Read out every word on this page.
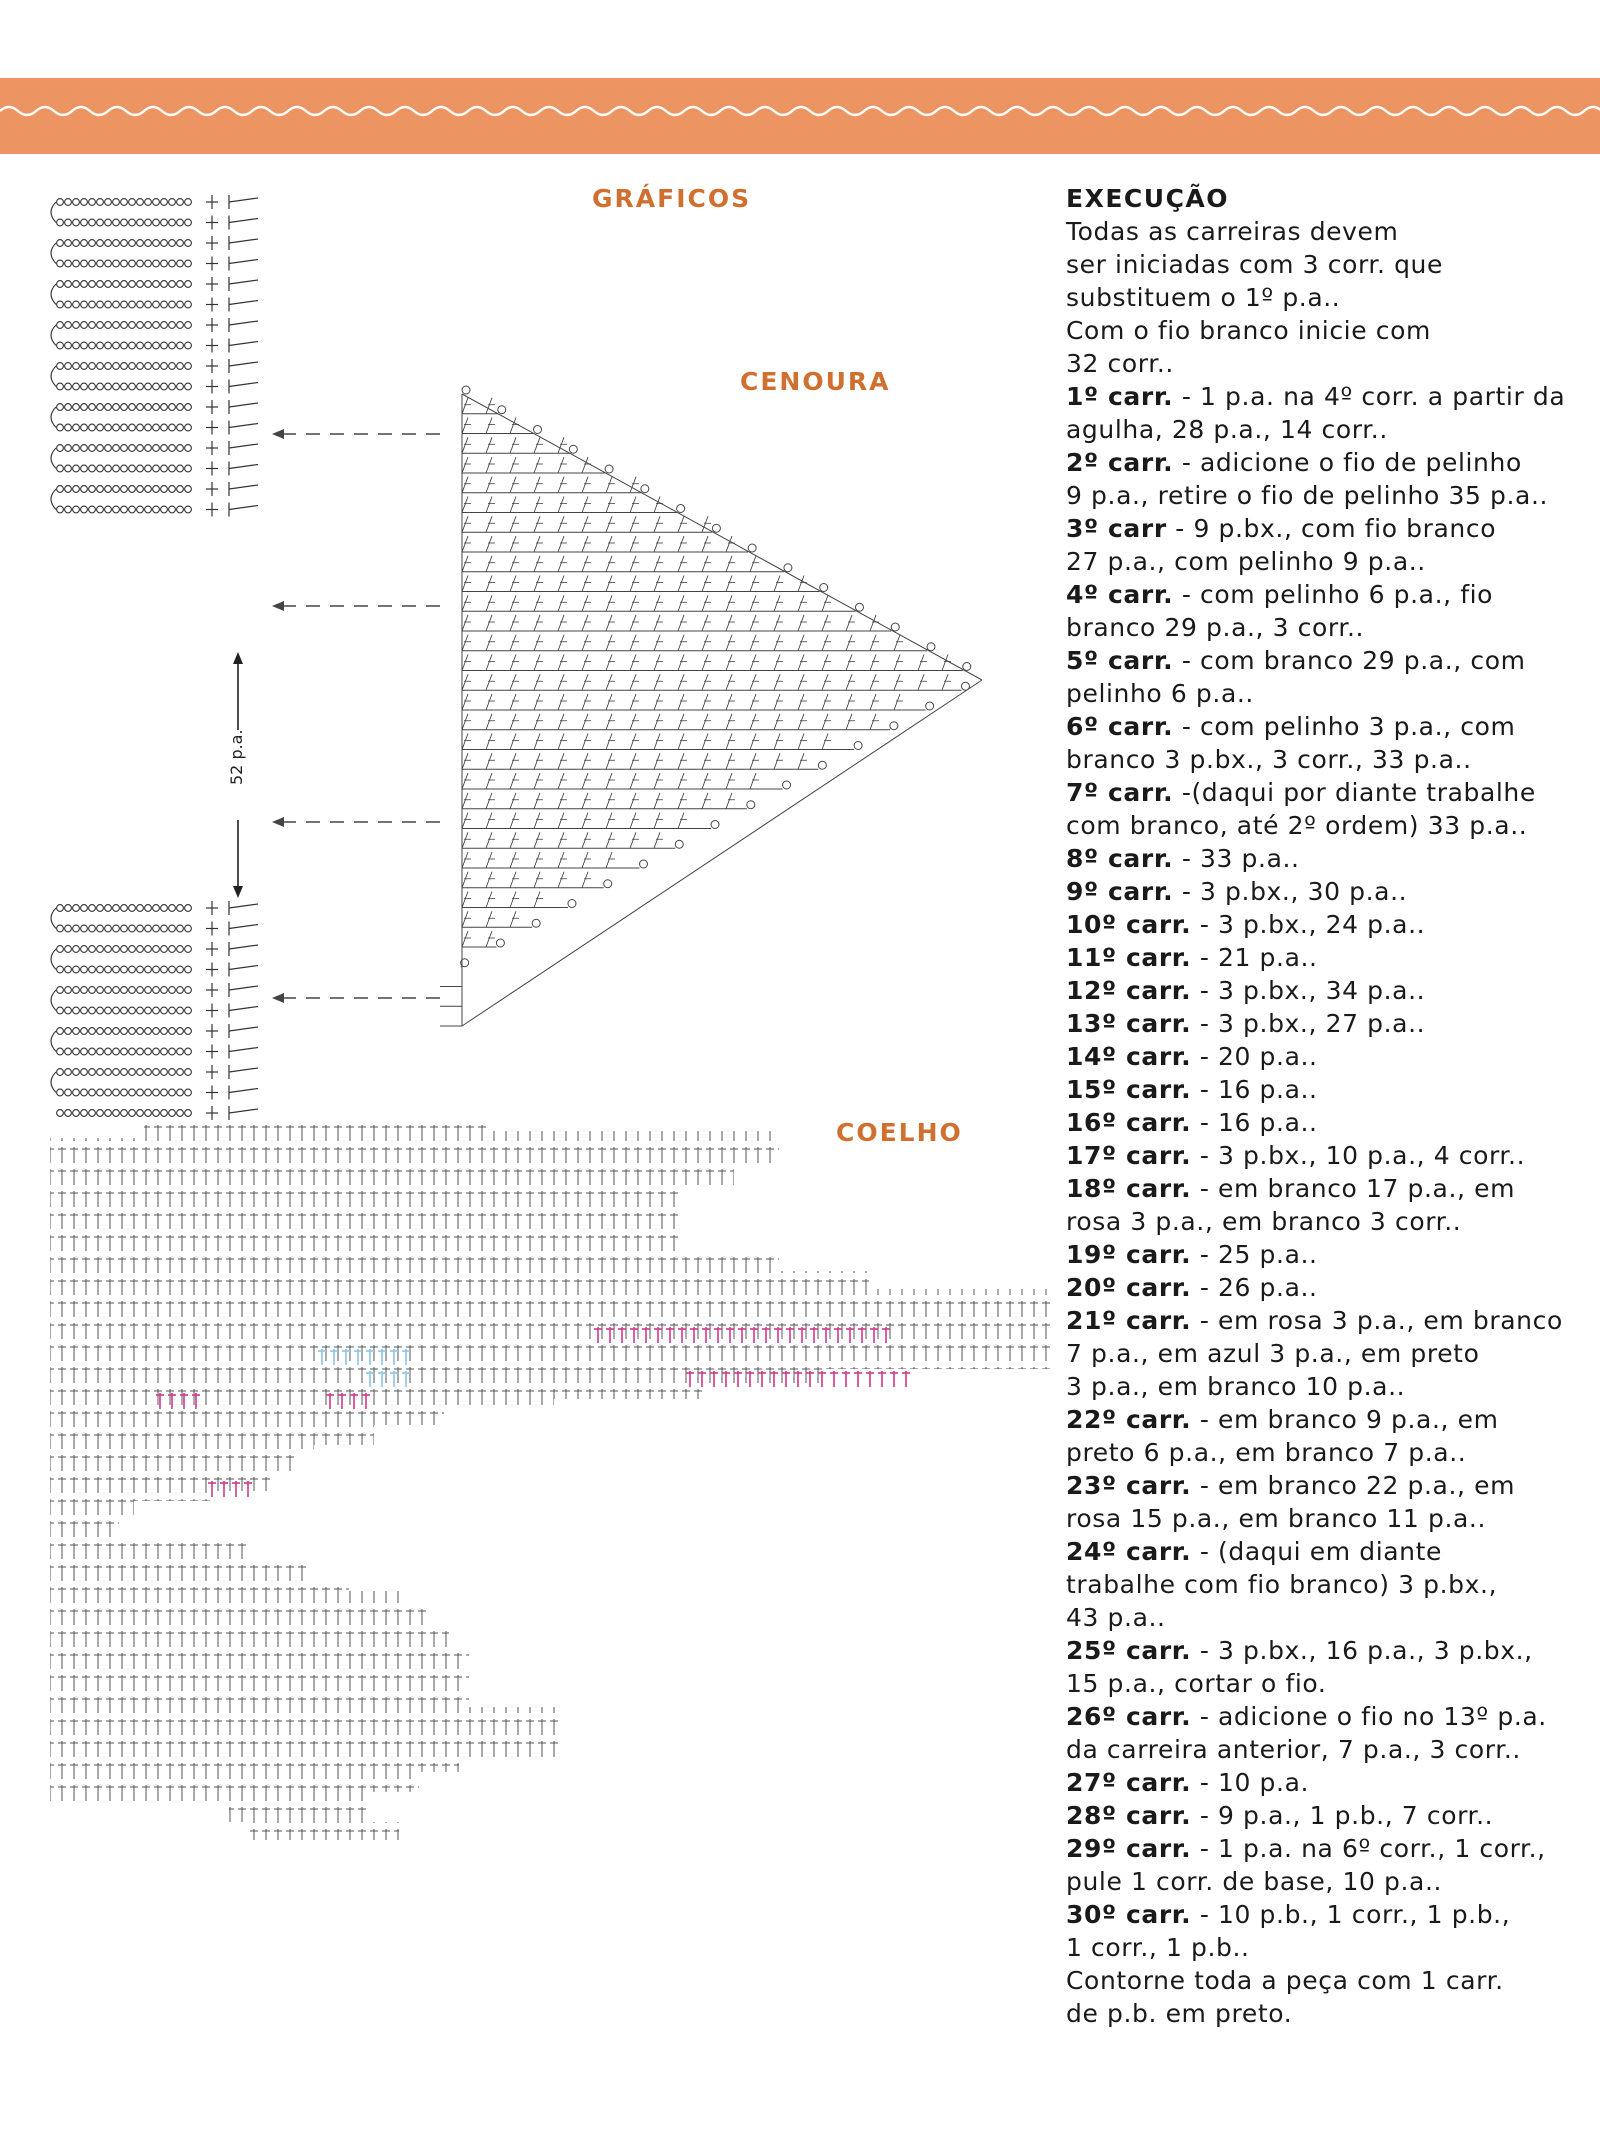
GRÁFICOS
CENOURA
COELHO
52 p.a.
EXECUÇÃO
Todas as carreiras devem
ser iniciadas com 3 corr. que
substituem o 1º p.a..
Com o fio branco inicie com
32 corr..
1º carr. - 1 p.a. na 4º corr. a partir da
agulha, 28 p.a., 14 corr..
2º carr. - adicione o fio de pelinho
9 p.a., retire o fio de pelinho 35 p.a..
3º carr - 9 p.bx., com fio branco
27 p.a., com pelinho 9 p.a..
4º carr. - com pelinho 6 p.a., fio
branco 29 p.a., 3 corr..
5º carr. - com branco 29 p.a., com
pelinho 6 p.a..
6º carr. - com pelinho 3 p.a., com
branco 3 p.bx., 3 corr., 33 p.a..
7º carr. -(daqui por diante trabalhe
com branco, até 2º ordem) 33 p.a..
8º carr. - 33 p.a..
9º carr. - 3 p.bx., 30 p.a..
10º carr. - 3 p.bx., 24 p.a..
11º carr. - 21 p.a..
12º carr. - 3 p.bx., 34 p.a..
13º carr. - 3 p.bx., 27 p.a..
14º carr. - 20 p.a..
15º carr. - 16 p.a..
16º carr. - 16 p.a..
17º carr. - 3 p.bx., 10 p.a., 4 corr..
18º carr. - em branco 17 p.a., em
rosa 3 p.a., em branco 3 corr..
19º carr. - 25 p.a..
20º carr. - 26 p.a..
21º carr. - em rosa 3 p.a., em branco
7 p.a., em azul 3 p.a., em preto
3 p.a., em branco 10 p.a..
22º carr. - em branco 9 p.a., em
preto 6 p.a., em branco 7 p.a..
23º carr. - em branco 22 p.a., em
rosa 15 p.a., em branco 11 p.a..
24º carr. - (daqui em diante
trabalhe com fio branco) 3 p.bx.,
43 p.a..
25º carr. - 3 p.bx., 16 p.a., 3 p.bx.,
15 p.a., cortar o fio.
26º carr. - adicione o fio no 13º p.a.
da carreira anterior, 7 p.a., 3 corr..
27º carr. - 10 p.a.
28º carr. - 9 p.a., 1 p.b., 7 corr..
29º carr. - 1 p.a. na 6º corr., 1 corr.,
pule 1 corr. de base, 10 p.a..
30º carr. - 10 p.b., 1 corr., 1 p.b.,
1 corr., 1 p.b..
Contorne toda a peça com 1 carr.
de p.b. em preto.
